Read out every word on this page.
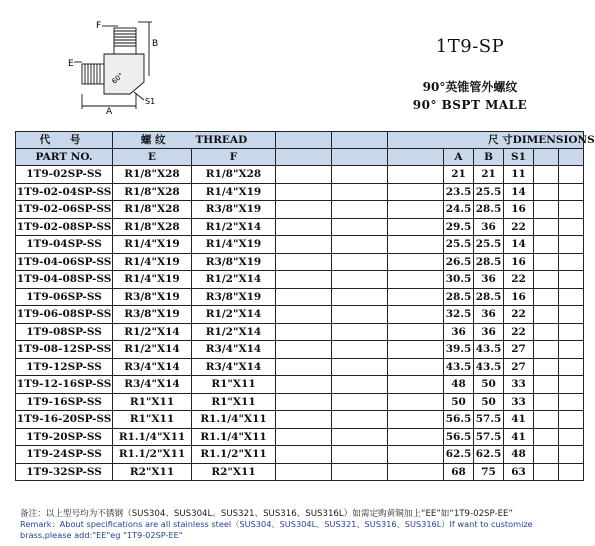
F
B
E
A
S1
60°
1T9-SP
90°英锥管外螺纹
90° BSPT MALE
代 号	螺 纹 THREAD				尺 寸 DIMENSIONS					

PART NO.	E	F				A	B	S1		
1T9-02SP-SS	R1/8"X28	R1/8"X28				21	21	11		
1T9-02-04SP-SS	R1/8"X28	R1/4"X19				23.5	25.5	14		
1T9-02-06SP-SS	R1/8"X28	R3/8"X19				24.5	28.5	16		
1T9-02-08SP-SS	R1/8"X28	R1/2"X14				29.5	36	22		
1T9-04SP-SS	R1/4"X19	R1/4"X19				25.5	25.5	14		
1T9-04-06SP-SS	R1/4"X19	R3/8"X19				26.5	28.5	16		
1T9-04-08SP-SS	R1/4"X19	R1/2"X14				30.5	36	22		
1T9-06SP-SS	R3/8"X19	R3/8"X19				28.5	28.5	16		
1T9-06-08SP-SS	R3/8"X19	R1/2"X14				32.5	36	22		
1T9-08SP-SS	R1/2"X14	R1/2"X14				36	36	22		
1T9-08-12SP-SS	R1/2"X14	R3/4"X14				39.5	43.5	27		
1T9-12SP-SS	R3/4"X14	R3/4"X14				43.5	43.5	27		
1T9-12-16SP-SS	R3/4"X14	R1"X11				48	50	33		
1T9-16SP-SS	R1"X11	R1"X11				50	50	33		
1T9-16-20SP-SS	R1"X11	R1.1/4"X11				56.5	57.5	41		
1T9-20SP-SS	R1.1/4"X11	R1.1/4"X11				56.5	57.5	41		
1T9-24SP-SS	R1.1/2"X11	R1.1/2"X11				62.5	62.5	48		
1T9-32SP-SS	R2"X11	R2"X11				68	75	63		
备注：以上型号均为不锈钢（SUS304、SUS304L、SUS321、SUS316、SUS316L）如需定购黄铜加上“EE”如“1T9-02SP-EE”
Remark：About specifications are all stainless steel（SUS304、SUS304L、SUS321、SUS316、SUS316L）If want to customize
brass,please add:"EE"eg "1T9-02SP-EE"
